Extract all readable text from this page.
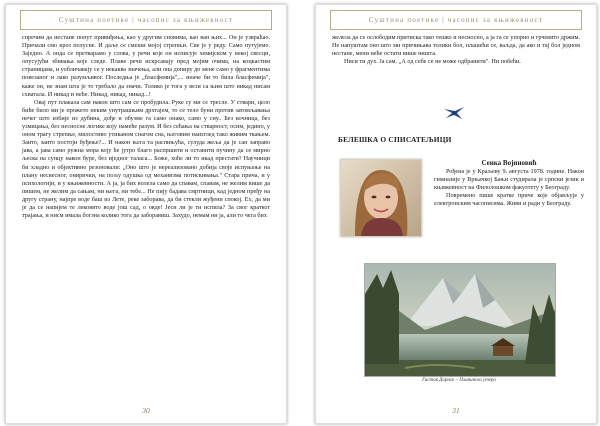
Суштина поетике | часопис за књижевност

спречим да нестане попут привиђења, као у другим сновима, као ван њих... Он је узврaћао. Причали смо кроз полуснe. И даље се смеши мојој стрепњи. Све је у реду. Само путујемо. Заједно. А онда се претварамо у слова, у речи које он исписује хемијском у некој свесци, опусујући збивања које следе. Плаве речи искрсавају пред мојим очима, на коцкастим страницама, и уобличавају се у некаква значења, али она допиру до мене само у фрагментима повезаног и лако разумљивог. Последња је „бласфемија",... иначе би то била бласфемија", каже он, не знам шта је то требало да значи. Толико је тога у вези са њим што никад нисам схватала. И никад и неће. Никад, никад, никад...!

Овај пут плакала сам након што сам се пробудила. Руке су ми се тресле. У ствари, цело биће било ми је прожето неким унутрашњим дрхтајем, то се тело буни против затомљавања нечег што избије из дубина, дође и обузме га само онако, само у сну.. Без кочница, без узмицања, без несносне логике коју намеће разум. И без сећања на стварност, осим, једино, у оном трагу стрепње, милостиво утиканом снагом сна, његовим наизглед тако живим ткањем. Заито, заито постоји буђење?... И након њега та распињућа, сулудa жеља да је сан заправо јава, а јава само ружна мора коју ће јутро благо распршити и оставити пучину да се мирно љеска на сунцу након буре, без иједног талаca... Боже, хоће ли то икад престати? Научници би хладно и објективно резоновали: „Оно што је нереализовано добија своје испуњење на плану несвесног, онирички, на пољу одушка од механизма потискивања." Стара прича, и у психологији, и у књижевности. А ја, ја бих волела само да спавам, спавам, не желим више да пишем, не желим да сањам, ни њега, ни тебе... Не пију бадава смртници, кад једном пређу на другу страну, најпре воде баш из Лете, реке заборава, да би стекли жуђени спокој. Ех, да ми је да се напијем те лековите воде још сад, о овде! Јеси ли је ти испила? За свог кратког трајања, и нисм имала богзна колико тога да заборавиш. Захудо, немам ни ја, али то чега бих

30
Суштина поетике | часопис за књижевност

желела да се ослободим притиска тако тешко и несносно, а ја га се упорно и грчевито држим. Не напуштам оно што ми причињава толики бол, плашећи се, ваљда, да ако и тај бол једном нестане, мени неће остати више ништа.

Ниси ти дух. Ја сам. „А од себе се не може одбранити". Ни побећи.

БЕЛЕШКА О СПИСАТЕЉИЦИ
Сенка Војиновић

Рођена је у Краљеву 9. августа 1978. године. Након гимназије у Врњачкој Бањи студирала је српски језик и књижевност на Филолошком факултету у Београду.

Повремено пише кратке приче које објављује у електронским часописима. Живи и ради у Београду.

Гистав Дорнго – Планинско језеро
31
